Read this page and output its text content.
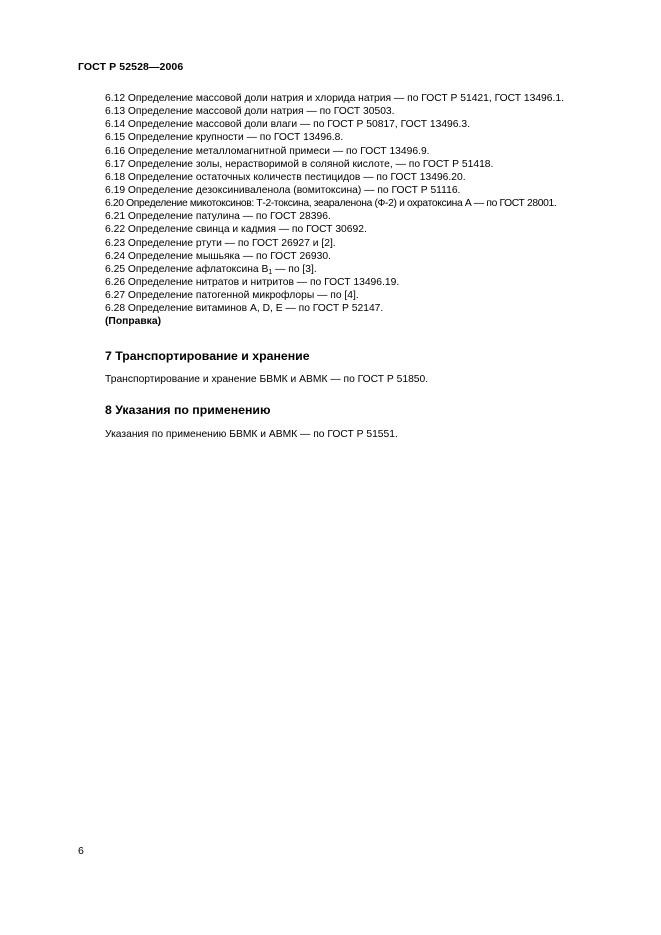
ГОСТ Р 52528—2006
6.12 Определение массовой доли натрия и хлорида натрия — по ГОСТ Р 51421, ГОСТ 13496.1.
6.13 Определение массовой доли натрия — по ГОСТ 30503.
6.14 Определение массовой доли влаги — по ГОСТ Р 50817, ГОСТ 13496.3.
6.15 Определение крупности — по ГОСТ 13496.8.
6.16 Определение металломагнитной примеси — по ГОСТ 13496.9.
6.17 Определение золы, нерастворимой в соляной кислоте, — по ГОСТ Р 51418.
6.18 Определение остаточных количеств пестицидов — по ГОСТ 13496.20.
6.19 Определение дезоксиниваленола (вомитоксина) — по ГОСТ Р 51116.
6.20 Определение микотоксинов: Т-2-токсина, зеараленона (Ф-2) и охратоксина А — по ГОСТ 28001.
6.21 Определение патулина — по ГОСТ 28396.
6.22 Определение свинца и кадмия — по ГОСТ 30692.
6.23 Определение ртути — по ГОСТ 26927 и [2].
6.24 Определение мышьяка — по ГОСТ 26930.
6.25 Определение афлатоксина $B_1$ — по [3].
6.26 Определение нитратов и нитритов — по ГОСТ 13496.19.
6.27 Определение патогенной микрофлоры — по [4].
6.28 Определение витаминов А, D, Е — по ГОСТ Р 52147.
(Поправка)
7 Транспортирование и хранение
Транспортирование и хранение БВМК и АВМК — по ГОСТ Р 51850.
8 Указания по применению
Указания по применению БВМК и АВМК — по ГОСТ Р 51551.
6
